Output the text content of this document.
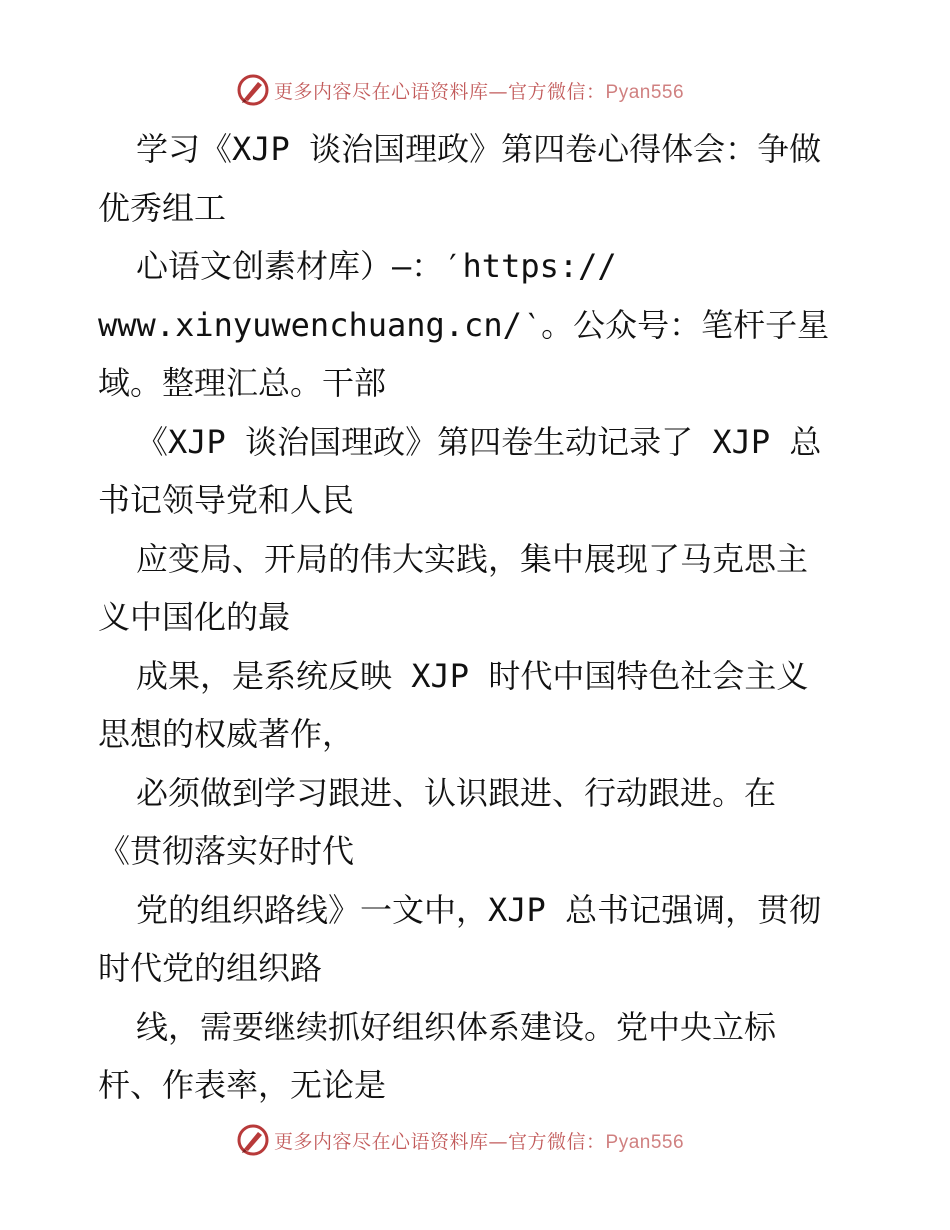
更多内容尽在心语资料库—官方微信：Pyan556
学习《XJP 谈治国理政》第四卷心得体会：争做
优秀组工
心语文创素材库）—：′https://
www.xinyuwenchuang.cn/‵。公众号：笔杆子星
域。整理汇总。干部
《XJP 谈治国理政》第四卷生动记录了 XJP 总
书记领导党和人民
应变局、开局的伟大实践，集中展现了马克思主
义中国化的最
成果，是系统反映 XJP 时代中国特色社会主义
思想的权威著作，
必须做到学习跟进、认识跟进、行动跟进。在
《贯彻落实好时代
党的组织路线》一文中，XJP 总书记强调，贯彻
时代党的组织路
线，需要继续抓好组织体系建设。党中央立标
杆、作表率，无论是
更多内容尽在心语资料库—官方微信：Pyan556
